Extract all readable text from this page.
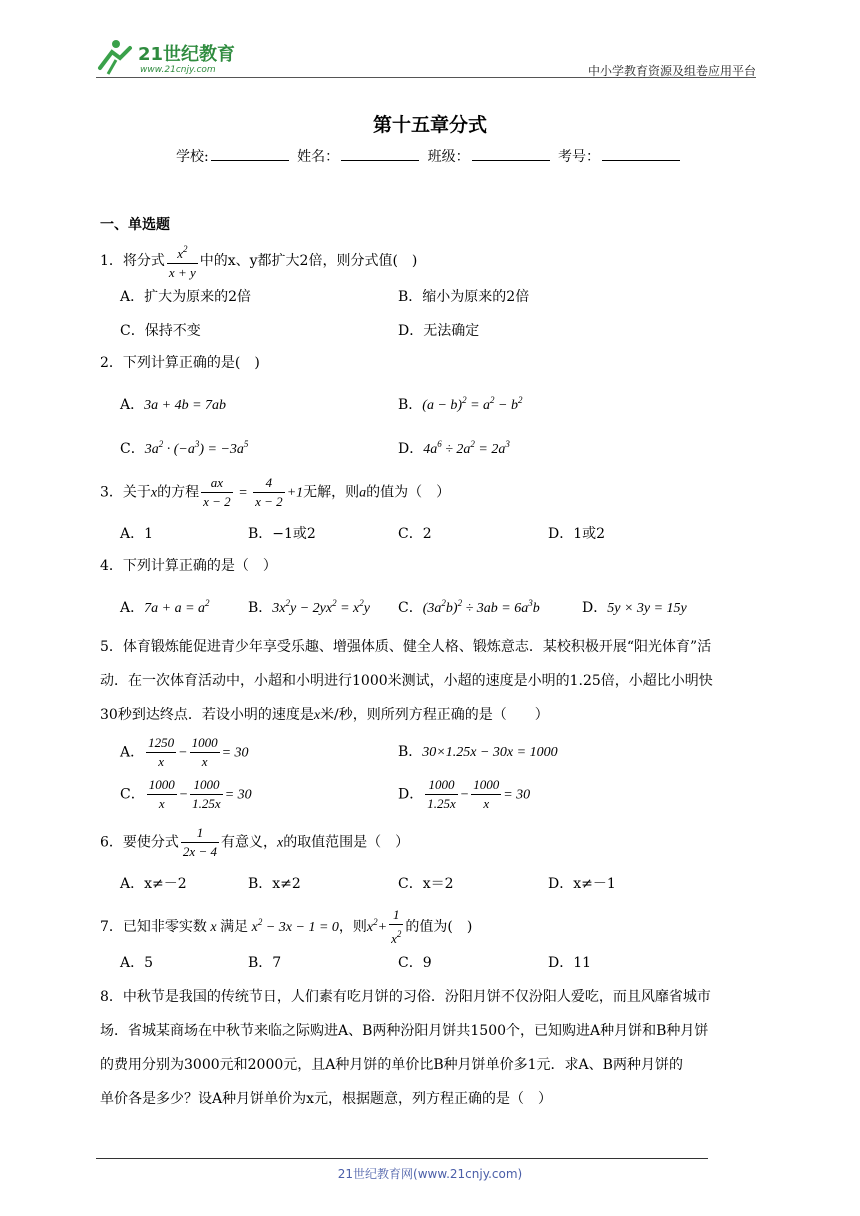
21世纪教育
www.21cnjy.com	中小学教育资源及组卷应用平台
第十五章分式
学校:	姓名：	班级：	考号：
一、单选题
1．将分式 $\frac{x^2}{x + y}$ 中的x、y都扩大2倍，则分式值(　)
A．扩大为原来的2倍	B．缩小为原来的2倍
C．保持不变	D．无法确定
2．下列计算正确的是(　)
A．3a + 4b = 7ab	B．$(a - b)^2 = a^2 - b^2$
C．$3a^2 \cdot (-a^3) = -3a^5$	D．$4a^6 \div 2a^2 = 2a^3$
3．关于x的方程 $\frac{ax}{x - 2} = \frac{4}{x - 2} +1$无解，则a的值为（　）
A．1	B．−1或2	C．2	D．1或2
4．下列计算正确的是（　）
A．$7a + a = a^2$	B．$3x^2y - 2yx^2 = x^2y$ C．$(3a^2b)^2 \div 3ab = 6a^3b$	D．5y × 3y = 15y
5．体育锻炼能促进青少年享受乐趣、增强体质、健全人格、锻炼意志．某校积极开展“阳光体育”活
动．在一次体育活动中，小超和小明进行1000米测试，小超的速度是小明的1.25倍，小超比小明快
30秒到达终点．若设小明的速度是x米/秒，则所列方程正确的是（　　）
A． $\frac{1250}{x} - \frac{1000}{x} = 30$	B．30×1.25x − 30x = 1000
C． $\frac{1000}{x} - \frac{1000}{1.25x} = 30$	D． $\frac{1000}{1.25x} - \frac{1000}{x} = 30$
6．要使分式 $\frac{1}{2x - 4}$ 有意义，x的取值范围是（　）
A．x≠－2	B．x≠2	C．x＝2	D．x≠－1
7．已知非零实数 x 满足 $x^2 - 3x - 1 = 0$，则$x^2+ \frac{1}{x^2}$ 的值为(　)
A．5	B．7	C．9	D．11
8．中秋节是我国的传统节日，人们素有吃月饼的习俗．汾阳月饼不仅汾阳人爱吃，而且风靡省城市
场．省城某商场在中秋节来临之际购进A、B两种汾阳月饼共1500个，已知购进A种月饼和B种月饼
的费用分别为3000元和2000元，且A种月饼的单价比B种月饼单价多1元．求A、B两种月饼的
单价各是多少？设A种月饼单价为x元，根据题意，列方程正确的是（　）
21世纪教育网(www.21cnjy.com)
